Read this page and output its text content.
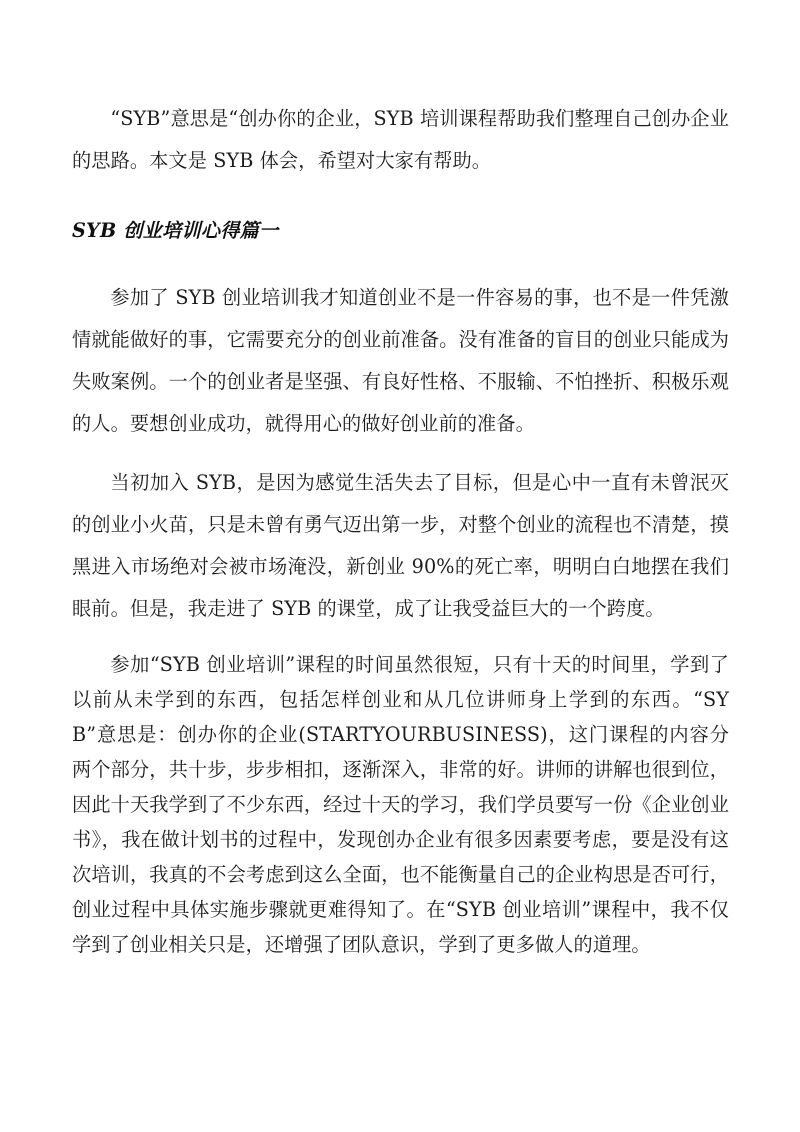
“SYB”意思是“创办你的企业，SYB 培训课程帮助我们整理自己创办企业的思路。本文是 SYB 体会，希望对大家有帮助。

SYB 创业培训心得篇一

参加了 SYB 创业培训我才知道创业不是一件容易的事，也不是一件凭激情就能做好的事，它需要充分的创业前准备。没有准备的盲目的创业只能成为失败案例。一个的创业者是坚强、有良好性格、不服输、不怕挫折、积极乐观的人。要想创业成功，就得用心的做好创业前的准备。

当初加入 SYB，是因为感觉生活失去了目标，但是心中一直有未曾泯灭的创业小火苗，只是未曾有勇气迈出第一步，对整个创业的流程也不清楚，摸黑进入市场绝对会被市场淹没，新创业 90%的死亡率，明明白白地摆在我们眼前。但是，我走进了 SYB 的课堂，成了让我受益巨大的一个跨度。

参加“SYB 创业培训”课程的时间虽然很短，只有十天的时间里，学到了以前从未学到的东西，包括怎样创业和从几位讲师身上学到的东西。“SYB”意思是：创办你的企业(STARTYOURBUSINESS)，这门课程的内容分两个部分，共十步，步步相扣，逐渐深入，非常的好。讲师的讲解也很到位，因此十天我学到了不少东西，经过十天的学习，我们学员要写一份《企业创业书》，我在做计划书的过程中，发现创办企业有很多因素要考虑，要是没有这次培训，我真的不会考虑到这么全面，也不能衡量自己的企业构思是否可行，创业过程中具体实施步骤就更难得知了。在“SYB 创业培训”课程中，我不仅学到了创业相关只是，还增强了团队意识，学到了更多做人的道理。
